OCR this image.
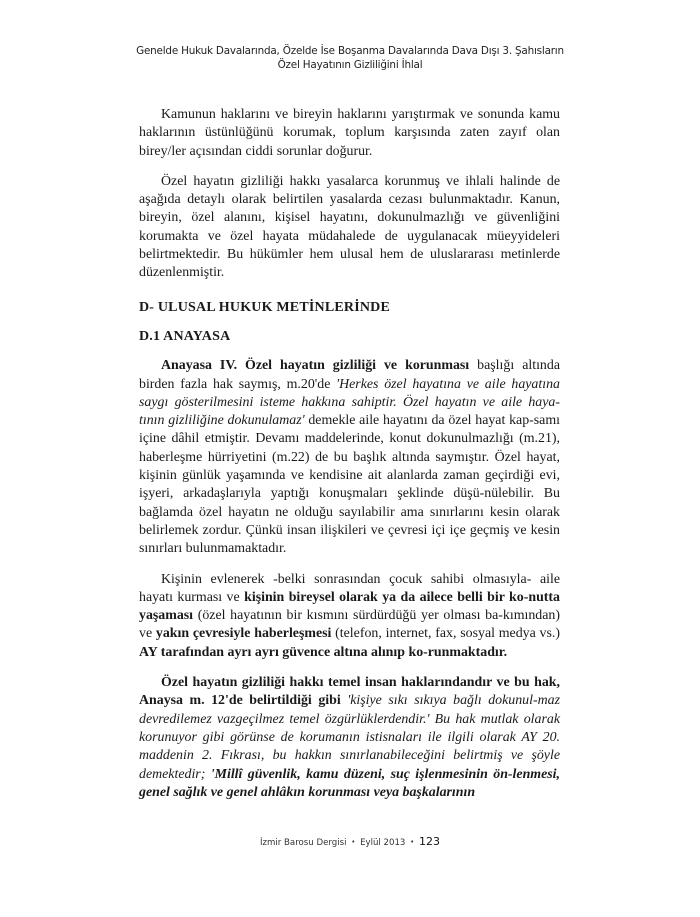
Genelde Hukuk Davalarında, Özelde İse Boşanma Davalarında Dava Dışı 3. Şahısların
Özel Hayatının Gizliliğini İhlal

Kamunun haklarını ve bireyin haklarını yarıştırmak ve sonunda kamu haklarının üstünlüğünü korumak, toplum karşısında zaten zayıf olan birey/ler açısından ciddi sorunlar doğurur.

Özel hayatın gizliliği hakkı yasalarca korunmuş ve ihlali halinde de aşağıda detaylı olarak belirtilen yasalarda cezası bulunmaktadır. Kanun, bireyin, özel alanını, kişisel hayatını, dokunulmazlığı ve güvenliğini korumakta ve özel hayata müdahalede de uygulanacak müeyyideleri belirtmektedir. Bu hükümler hem ulusal hem de uluslararası metinlerde düzenlenmiştir.

D- ULUSAL HUKUK METİNLERİNDE
D.1 ANAYASA

Anayasa IV. Özel hayatın gizliliği ve korunması başlığı altında birden fazla hak saymış, m.20'de 'Herkes özel hayatına ve aile hayatına saygı gösterilmesini isteme hakkına sahiptir. Özel hayatın ve aile haya-tının gizliliğine dokunulamaz' demekle aile hayatını da özel hayat kap-samı içine dâhil etmiştir. Devamı maddelerinde, konut dokunulmazlığı (m.21), haberleşme hürriyetini (m.22) de bu başlık altında saymıştır. Özel hayat, kişinin günlük yaşamında ve kendisine ait alanlarda zaman geçirdiği evi, işyeri, arkadaşlarıyla yaptığı konuşmaları şeklinde düşü-nülebilir. Bu bağlamda özel hayatın ne olduğu sayılabilir ama sınırlarını kesin olarak belirlemek zordur. Çünkü insan ilişkileri ve çevresi içi içe geçmiş ve kesin sınırları bulunmamaktadır.

Kişinin evlenerek -belki sonrasından çocuk sahibi olmasıyla- aile hayatı kurması ve kişinin bireysel olarak ya da ailece belli bir ko-nutta yaşaması (özel hayatının bir kısmını sürdürdüğü yer olması ba-kımından) ve yakın çevresiyle haberleşmesi (telefon, internet, fax, sosyal medya vs.) AY tarafından ayrı ayrı güvence altına alınıp ko-runmaktadır.

Özel hayatın gizliliği hakkı temel insan haklarındandır ve bu hak, Anaysa m. 12'de belirtildiği gibi 'kişiye sıkı sıkıya bağlı dokunul-maz devredilemez vazgeçilmez temel özgürlüklerdendir.' Bu hak mutlak olarak korunuyor gibi görünse de korumanın istisnaları ile ilgili olarak AY 20. maddenin 2. Fıkrası, bu hakkın sınırlanabileceğini belirtmiş ve şöyle demektedir; 'Millî güvenlik, kamu düzeni, suç işlenmesinin ön-lenmesi, genel sağlık ve genel ahlâkın korunması veya başkalarının

İzmir Barosu Dergisi • Eylül 2013 • 123
